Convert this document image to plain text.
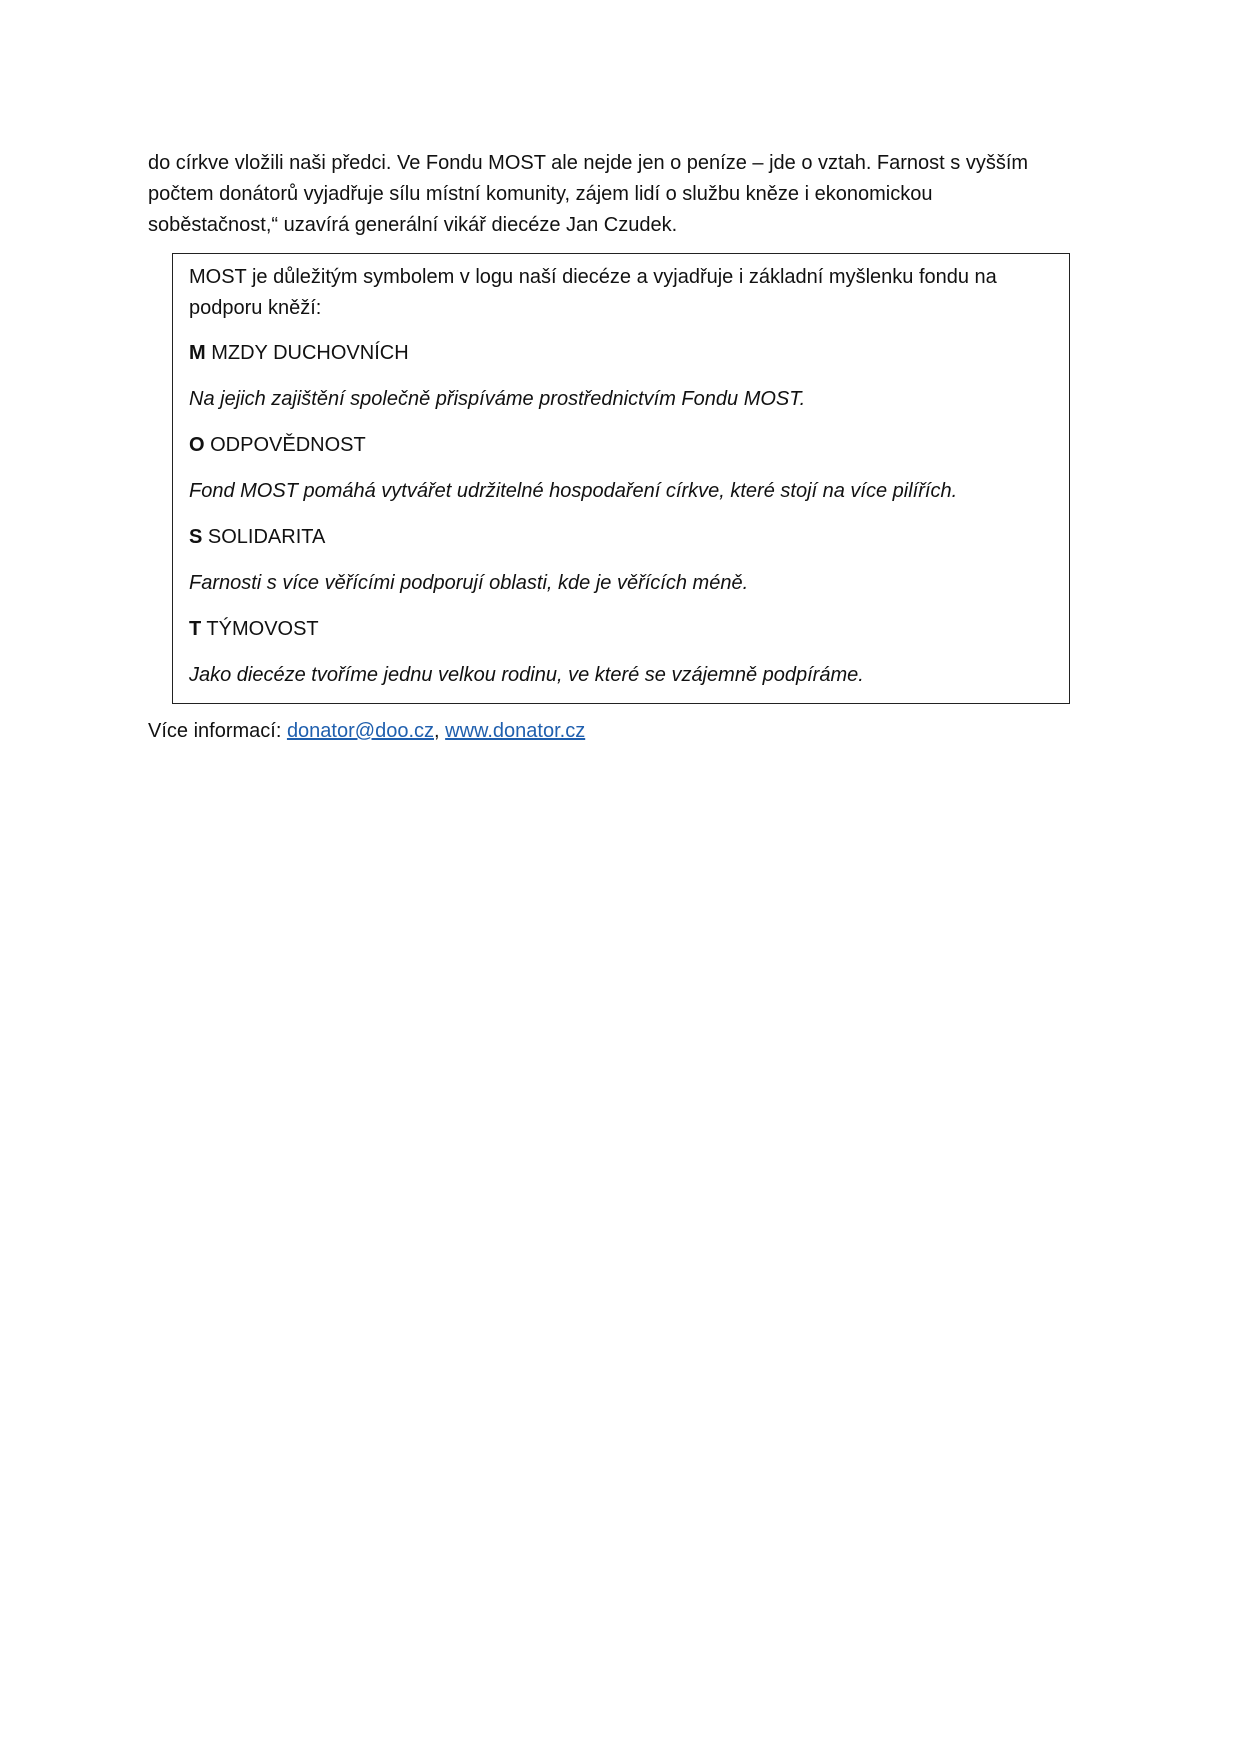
do církve vložili naši předci. Ve Fondu MOST ale nejde jen o peníze – jde o vztah. Farnost s vyšším
počtem donátorů vyjadřuje sílu místní komunity, zájem lidí o službu kněze i ekonomickou
soběstačnost,“ uzavírá generální vikář diecéze Jan Czudek.

MOST je důležitým symbolem v logu naší diecéze a vyjadřuje i základní myšlenku fondu na
podporu kněží:

M MZDY DUCHOVNÍCH

Na jejich zajištění společně přispíváme prostřednictvím Fondu MOST.

O ODPOVĚDNOST

Fond MOST pomáhá vytvářet udržitelné hospodaření církve, které stojí na více pilířích.

S SOLIDARITA

Farnosti s více věřícími podporují oblasti, kde je věřících méně.

T TÝMOVOST

Jako diecéze tvoříme jednu velkou rodinu, ve které se vzájemně podpíráme.

Více informací: donator@doo.cz, www.donator.cz
